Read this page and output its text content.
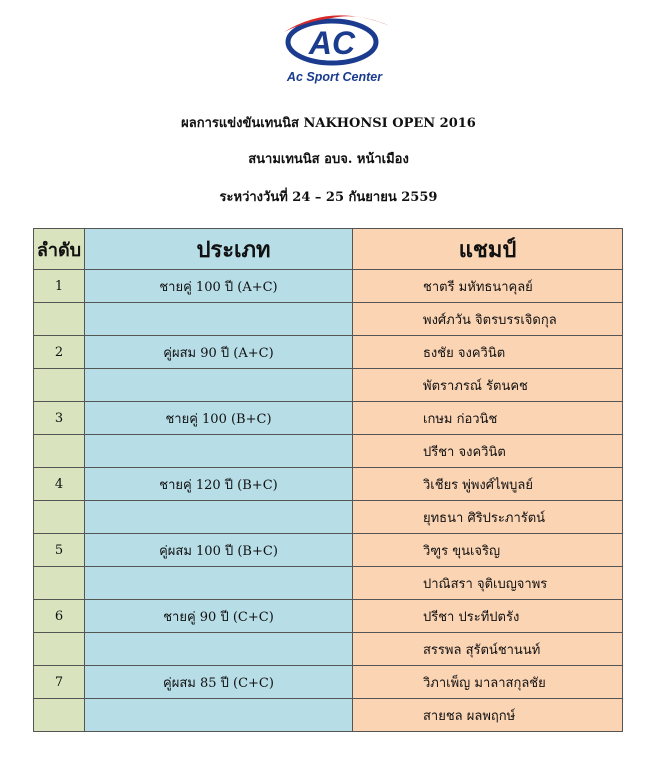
AC
Ac Sport Center
ผลการแข่งขันเทนนิส NAKHONSI OPEN 2016
สนามเทนนิส อบจ. หน้าเมือง
ระหว่างวันที่ 24 – 25 กันยายน 2559
ลำดับ	ประเภท	แชมป์
1	ชายคู่ 100 ปี (A+C)	ชาตรี มหัทธนาคุลย์
		พงศ์ภวัน จิตรบรรเจิดกุล
2	คู่ผสม 90 ปี (A+C)	ธงชัย จงควินิต
		พัตราภรณ์ รัตนคช
3	ชายคู่ 100 (B+C)	เกษม ก่อวนิช
		ปรีชา จงควินิต
4	ชายคู่ 120 ปี (B+C)	วิเชียร พู่พงศ์ไพบูลย์
		ยุทธนา ศิริประภารัตน์
5	คู่ผสม 100 ปี (B+C)	วิฑูร ขุนเจริญ
		ปาณิสรา จุติเบญจาพร
6	ชายคู่ 90 ปี (C+C)	ปรีชา ประทีปตรัง
		สรรพล สุรัตน์ชานนท์
7	คู่ผสม 85 ปี (C+C)	วิภาเพ็ญ มาลาสกุลชัย
		สายชล ผลพฤกษ์
